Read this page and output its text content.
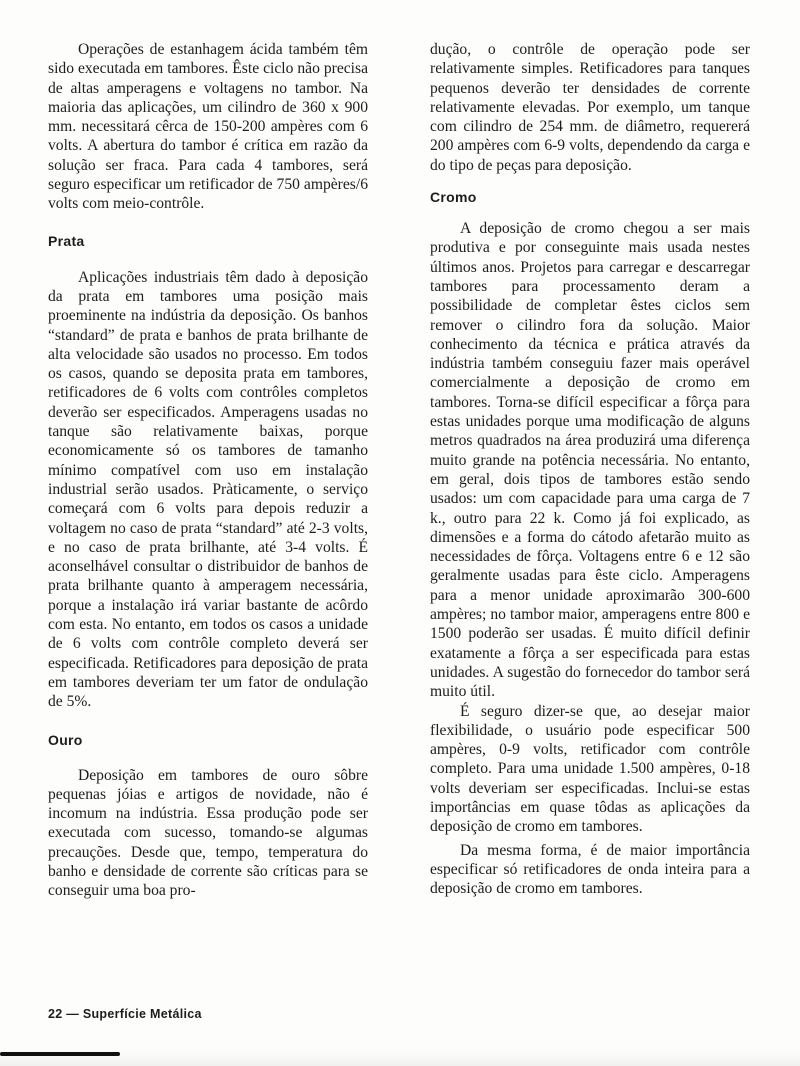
Operações de estanhagem ácida também têm sido executada em tambores. Êste ciclo não precisa de altas amperagens e voltagens no tambor. Na maioria das aplicações, um cilindro de 360 x 900 mm. necessitará cêrca de 150-200 ampères com 6 volts. A abertura do tambor é crítica em razão da solução ser fraca. Para cada 4 tambores, será seguro especificar um retificador de 750 ampères/6 volts com meio-contrôle.

Prata

Aplicações industriais têm dado à deposição da prata em tambores uma posição mais proeminente na indústria da deposição. Os banhos “standard” de prata e banhos de prata brilhante de alta velocidade são usados no processo. Em todos os casos, quando se deposita prata em tambores, retificadores de 6 volts com contrôles completos deverão ser especificados. Amperagens usadas no tanque são relativamente baixas, porque economicamente só os tambores de tamanho mínimo compatível com uso em instalação industrial serão usados. Pràticamente, o serviço começará com 6 volts para depois reduzir a voltagem no caso de prata “standard” até 2-3 volts, e no caso de prata brilhante, até 3-4 volts. É aconselhável consultar o distribuidor de banhos de prata brilhante quanto à amperagem necessária, porque a instalação irá variar bastante de acôrdo com esta. No entanto, em todos os casos a unidade de 6 volts com contrôle completo deverá ser especificada. Retificadores para deposição de prata em tambores deveriam ter um fator de ondulação de 5%.

Ouro

Deposição em tambores de ouro sôbre pequenas jóias e artigos de novidade, não é incomum na indústria. Essa produção pode ser executada com sucesso, tomando-se algumas precauções. Desde que, tempo, temperatura do banho e densidade de corrente são críticas para se conseguir uma boa pro-

dução, o contrôle de operação pode ser relativamente simples. Retificadores para tanques pequenos deverão ter densidades de corrente relativamente elevadas. Por exemplo, um tanque com cilindro de 254 mm. de diâmetro, requererá 200 ampères com 6-9 volts, dependendo da carga e do tipo de peças para deposição.

Cromo

A deposição de cromo chegou a ser mais produtiva e por conseguinte mais usada nestes últimos anos. Projetos para carregar e descarregar tambores para processamento deram a possibilidade de completar êstes ciclos sem remover o cilindro fora da solução. Maior conhecimento da técnica e prática através da indústria também conseguiu fazer mais operável comercialmente a deposição de cromo em tambores. Torna-se difícil especificar a fôrça para estas unidades porque uma modificação de alguns metros quadrados na área produzirá uma diferença muito grande na potência necessária. No entanto, em geral, dois tipos de tambores estão sendo usados: um com capacidade para uma carga de 7 k., outro para 22 k. Como já foi explicado, as dimensões e a forma do cátodo afetarão muito as necessidades de fôrça. Voltagens entre 6 e 12 são geralmente usadas para êste ciclo. Amperagens para a menor unidade aproximarão 300-600 ampères; no tambor maior, amperagens entre 800 e 1500 poderão ser usadas. É muito difícil definir exatamente a fôrça a ser especificada para estas unidades. A sugestão do fornecedor do tambor será muito útil.

É seguro dizer-se que, ao desejar maior flexibilidade, o usuário pode especificar 500 ampères, 0-9 volts, retificador com contrôle completo. Para uma unidade 1.500 ampères, 0-18 volts deveriam ser especificadas. Inclui-se estas importâncias em quase tôdas as aplicações da deposição de cromo em tambores.

Da mesma forma, é de maior importância especificar só retificadores de onda inteira para a deposição de cromo em tambores.

22 — Superfície Metálica
